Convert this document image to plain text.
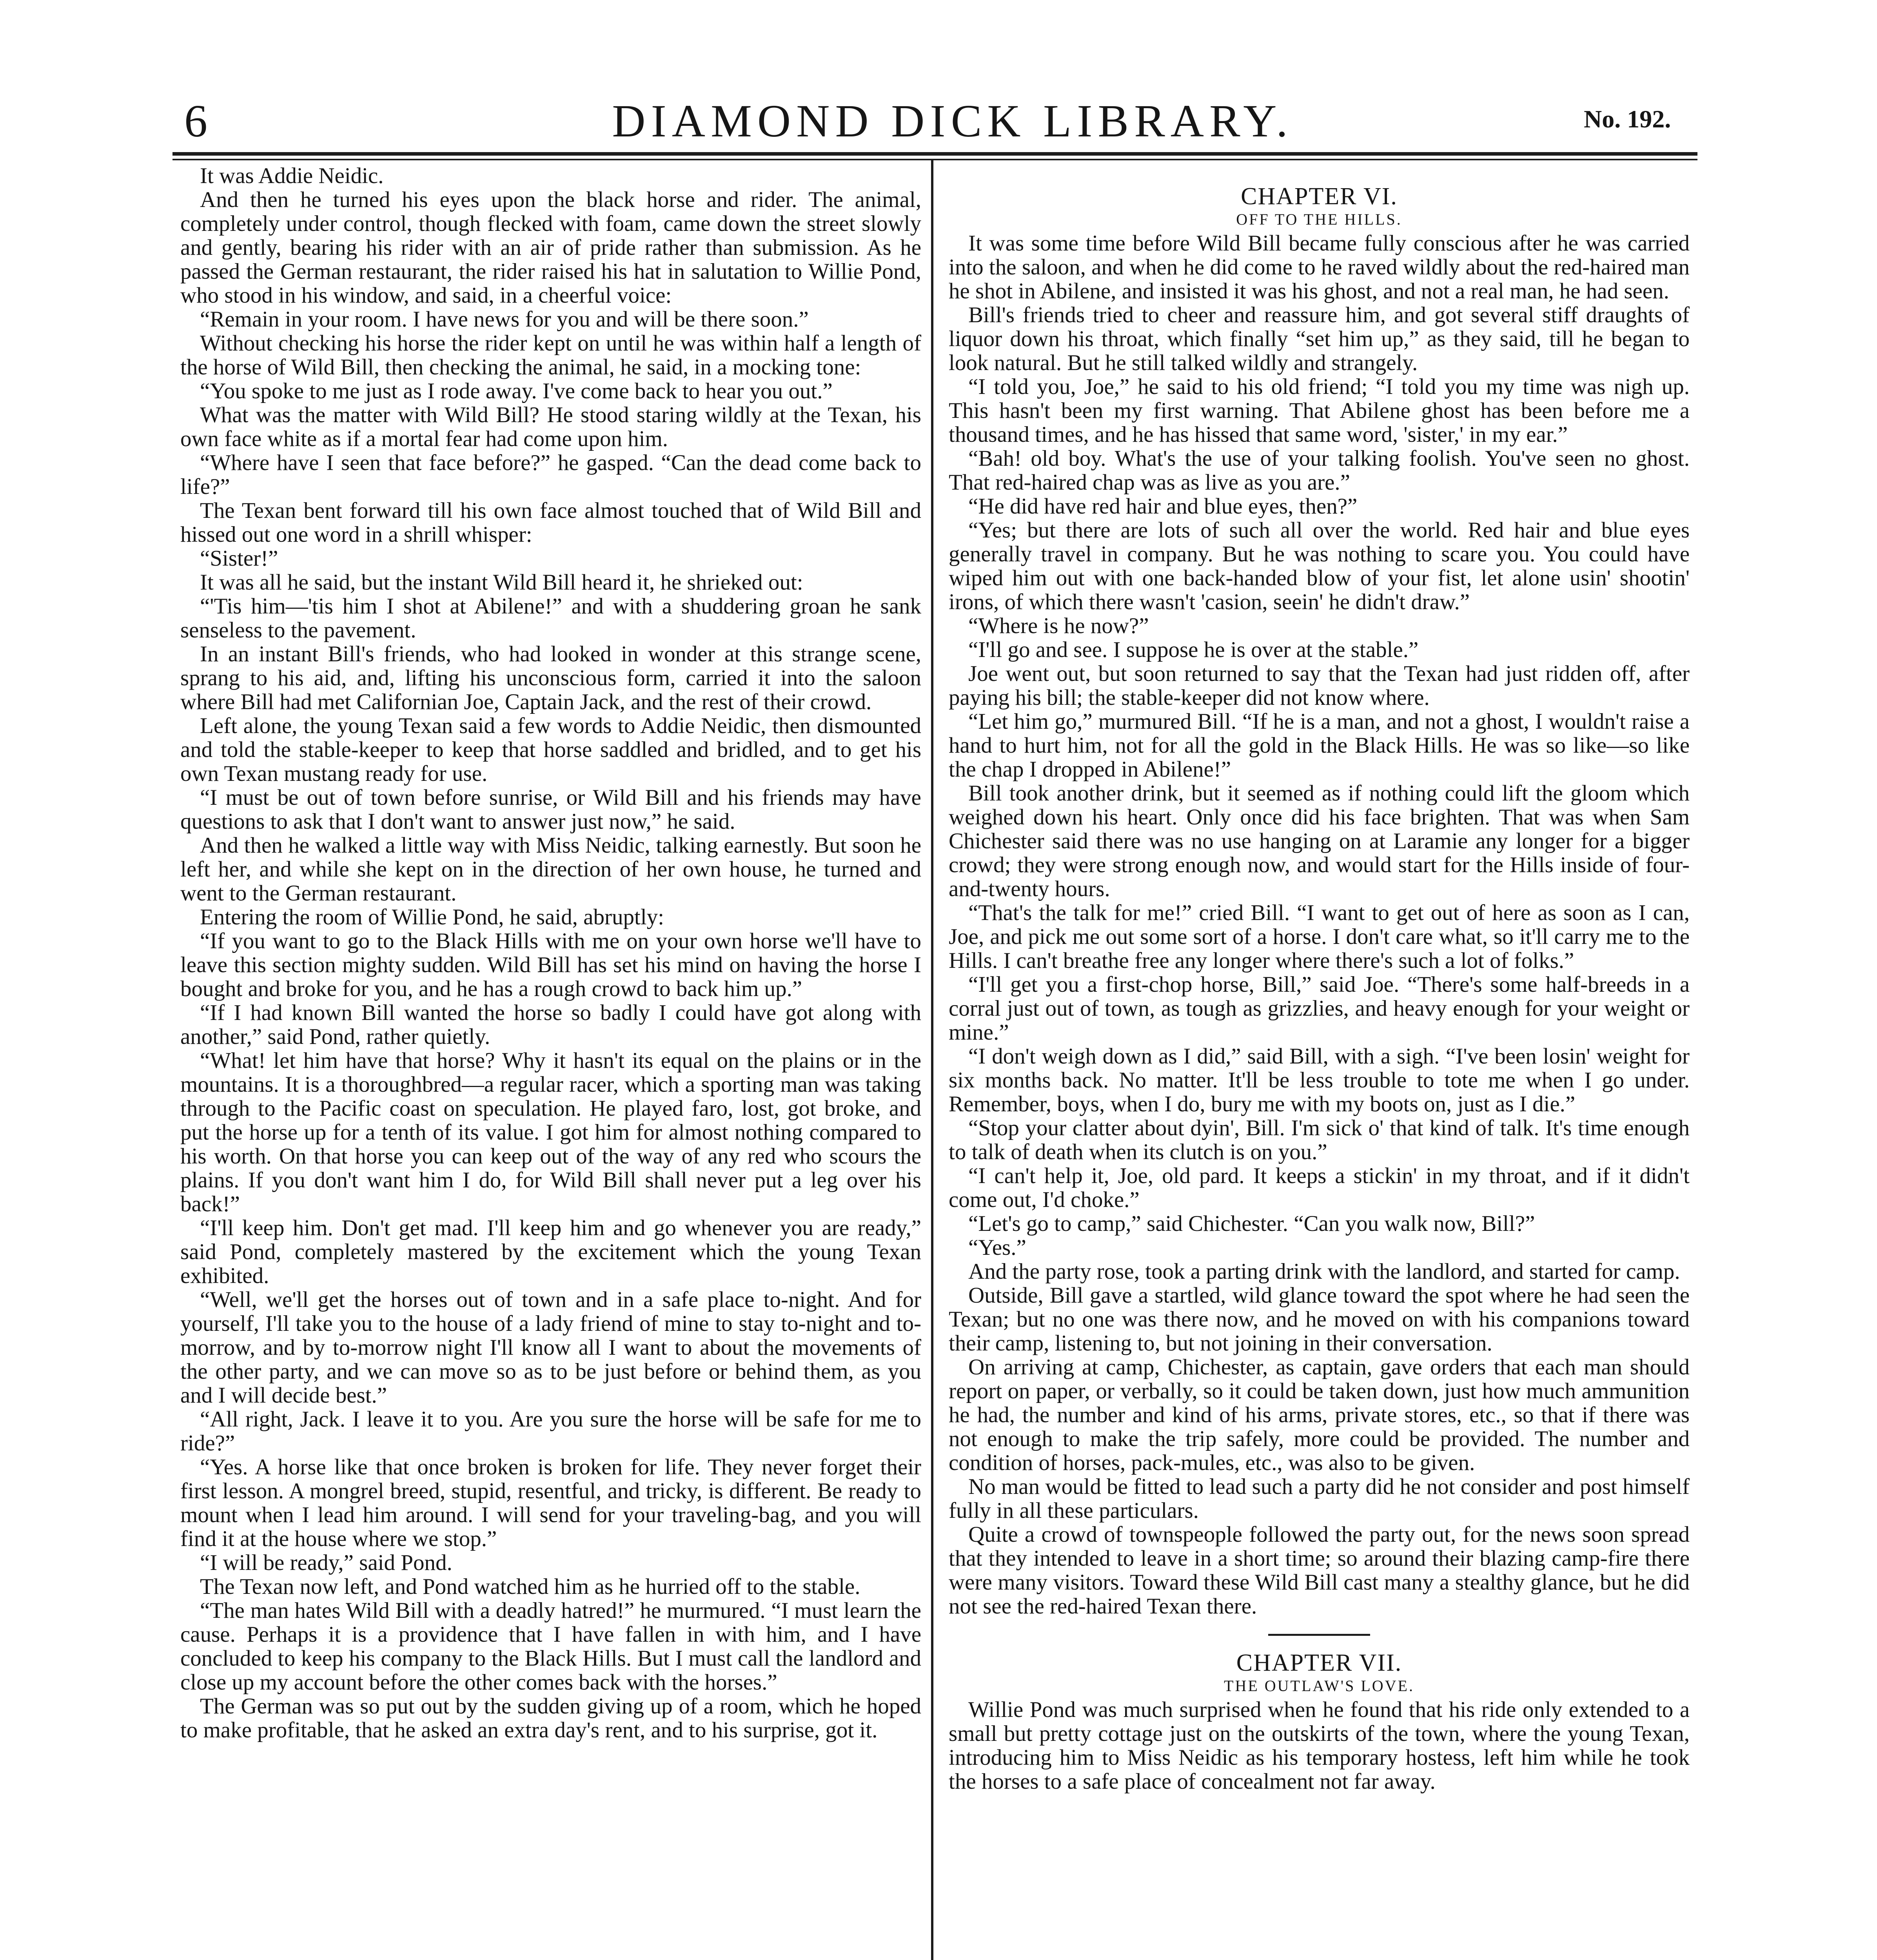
6	DIAMOND DICK LIBRARY.	No. 192.

It was Addie Neidic.

And then he turned his eyes upon the black horse and rider. The animal, completely under control, though flecked with foam, came down the street slowly and gently, bearing his rider with an air of pride rather than submission. As he passed the German restaurant, the rider raised his hat in salutation to Willie Pond, who stood in his window, and said, in a cheerful voice:

“Remain in your room. I have news for you and will be there soon.”

Without checking his horse the rider kept on until he was within half a length of the horse of Wild Bill, then checking the animal, he said, in a mocking tone:

“You spoke to me just as I rode away. I've come back to hear you out.”

What was the matter with Wild Bill? He stood staring wildly at the Texan, his own face white as if a mortal fear had come upon him.

“Where have I seen that face before?” he gasped. “Can the dead come back to life?”

The Texan bent forward till his own face almost touched that of Wild Bill and hissed out one word in a shrill whisper:

“Sister!”

It was all he said, but the instant Wild Bill heard it, he shrieked out:

“'Tis him—'tis him I shot at Abilene!” and with a shuddering groan he sank senseless to the pavement.

In an instant Bill's friends, who had looked in wonder at this strange scene, sprang to his aid, and, lifting his unconscious form, carried it into the saloon where Bill had met Californian Joe, Captain Jack, and the rest of their crowd.

Left alone, the young Texan said a few words to Addie Neidic, then dismounted and told the stable-keeper to keep that horse saddled and bridled, and to get his own Texan mustang ready for use.

“I must be out of town before sunrise, or Wild Bill and his friends may have questions to ask that I don't want to answer just now,” he said.

And then he walked a little way with Miss Neidic, talking earnestly. But soon he left her, and while she kept on in the direction of her own house, he turned and went to the German restaurant.

Entering the room of Willie Pond, he said, abruptly:

“If you want to go to the Black Hills with me on your own horse we'll have to leave this section mighty sudden. Wild Bill has set his mind on having the horse I bought and broke for you, and he has a rough crowd to back him up.”

“If I had known Bill wanted the horse so badly I could have got along with another,” said Pond, rather quietly.

“What! let him have that horse? Why it hasn't its equal on the plains or in the mountains. It is a thoroughbred—a regular racer, which a sporting man was taking through to the Pacific coast on speculation. He played faro, lost, got broke, and put the horse up for a tenth of its value. I got him for almost nothing compared to his worth. On that horse you can keep out of the way of any red who scours the plains. If you don't want him I do, for Wild Bill shall never put a leg over his back!”

“I'll keep him. Don't get mad. I'll keep him and go whenever you are ready,” said Pond, completely mastered by the excitement which the young Texan exhibited.

“Well, we'll get the horses out of town and in a safe place to-night. And for yourself, I'll take you to the house of a lady friend of mine to stay to-night and to-morrow, and by to-morrow night I'll know all I want to about the movements of the other party, and we can move so as to be just before or behind them, as you and I will decide best.”

“All right, Jack. I leave it to you. Are you sure the horse will be safe for me to ride?”

“Yes. A horse like that once broken is broken for life. They never forget their first lesson. A mongrel breed, stupid, resentful, and tricky, is different. Be ready to mount when I lead him around. I will send for your traveling-bag, and you will find it at the house where we stop.”

“I will be ready,” said Pond.

The Texan now left, and Pond watched him as he hurried off to the stable.

“The man hates Wild Bill with a deadly hatred!” he murmured. “I must learn the cause. Perhaps it is a providence that I have fallen in with him, and I have concluded to keep his company to the Black Hills. But I must call the landlord and close up my account before the other comes back with the horses.”

The German was so put out by the sudden giving up of a room, which he hoped to make profitable, that he asked an extra day's rent, and to his surprise, got it.

CHAPTER VI.
OFF TO THE HILLS.

It was some time before Wild Bill became fully conscious after he was carried into the saloon, and when he did come to he raved wildly about the red-haired man he shot in Abilene, and insisted it was his ghost, and not a real man, he had seen.

Bill's friends tried to cheer and reassure him, and got several stiff draughts of liquor down his throat, which finally “set him up,” as they said, till he began to look natural. But he still talked wildly and strangely.

“I told you, Joe,” he said to his old friend; “I told you my time was nigh up. This hasn't been my first warning. That Abilene ghost has been before me a thousand times, and he has hissed that same word, 'sister,' in my ear.”

“Bah! old boy. What's the use of your talking foolish. You've seen no ghost. That red-haired chap was as live as you are.”

“He did have red hair and blue eyes, then?”

“Yes; but there are lots of such all over the world. Red hair and blue eyes generally travel in company. But he was nothing to scare you. You could have wiped him out with one back-handed blow of your fist, let alone usin' shootin' irons, of which there wasn't 'casion, seein' he didn't draw.”

“Where is he now?”

“I'll go and see. I suppose he is over at the stable.”

Joe went out, but soon returned to say that the Texan had just ridden off, after paying his bill; the stable-keeper did not know where.

“Let him go,” murmured Bill. “If he is a man, and not a ghost, I wouldn't raise a hand to hurt him, not for all the gold in the Black Hills. He was so like—so like the chap I dropped in Abilene!”

Bill took another drink, but it seemed as if nothing could lift the gloom which weighed down his heart. Only once did his face brighten. That was when Sam Chichester said there was no use hanging on at Laramie any longer for a bigger crowd; they were strong enough now, and would start for the Hills inside of four-and-twenty hours.

“That's the talk for me!” cried Bill. “I want to get out of here as soon as I can, Joe, and pick me out some sort of a horse. I don't care what, so it'll carry me to the Hills. I can't breathe free any longer where there's such a lot of folks.”

“I'll get you a first-chop horse, Bill,” said Joe. “There's some half-breeds in a corral just out of town, as tough as grizzlies, and heavy enough for your weight or mine.”

“I don't weigh down as I did,” said Bill, with a sigh. “I've been losin' weight for six months back. No matter. It'll be less trouble to tote me when I go under. Remember, boys, when I do, bury me with my boots on, just as I die.”

“Stop your clatter about dyin', Bill. I'm sick o' that kind of talk. It's time enough to talk of death when its clutch is on you.”

“I can't help it, Joe, old pard. It keeps a stickin' in my throat, and if it didn't come out, I'd choke.”

“Let's go to camp,” said Chichester. “Can you walk now, Bill?”

“Yes.”

And the party rose, took a parting drink with the landlord, and started for camp.

Outside, Bill gave a startled, wild glance toward the spot where he had seen the Texan; but no one was there now, and he moved on with his companions toward their camp, listening to, but not joining in their conversation.

On arriving at camp, Chichester, as captain, gave orders that each man should report on paper, or verbally, so it could be taken down, just how much ammunition he had, the number and kind of his arms, private stores, etc., so that if there was not enough to make the trip safely, more could be provided. The number and condition of horses, pack-mules, etc., was also to be given.

No man would be fitted to lead such a party did he not consider and post himself fully in all these particulars.

Quite a crowd of townspeople followed the party out, for the news soon spread that they intended to leave in a short time; so around their blazing camp-fire there were many visitors. Toward these Wild Bill cast many a stealthy glance, but he did not see the red-haired Texan there.

CHAPTER VII.
THE OUTLAW'S LOVE.

Willie Pond was much surprised when he found that his ride only extended to a small but pretty cottage just on the outskirts of the town, where the young Texan, introducing him to Miss Neidic as his temporary hostess, left him while he took the horses to a safe place of concealment not far away.
